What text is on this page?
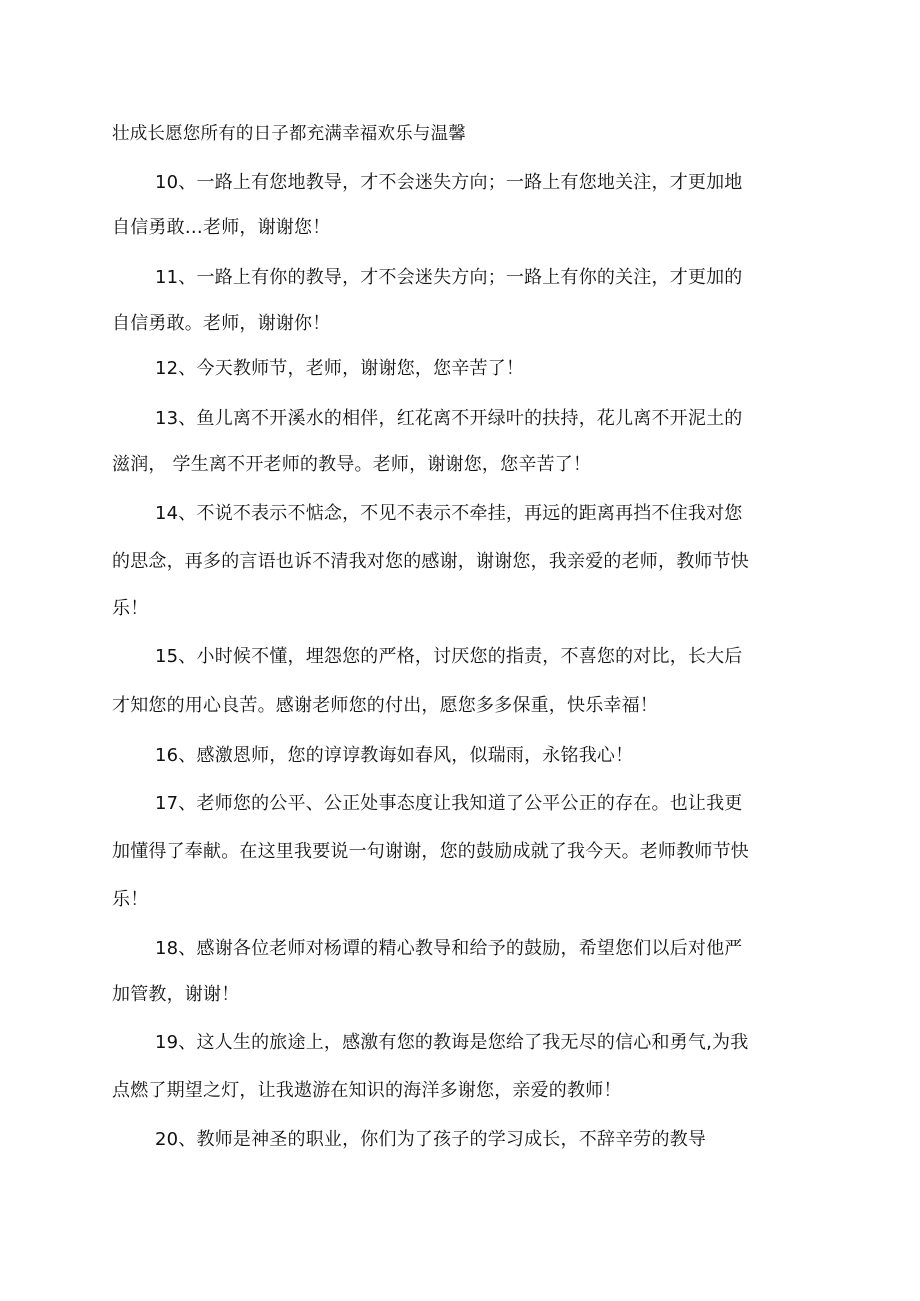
壮成长愿您所有的日子都充满幸福欢乐与温馨
10、一路上有您地教导，才不会迷失方向；一路上有您地关注，才更加地
自信勇敢…老师，谢谢您！
11、一路上有你的教导，才不会迷失方向；一路上有你的关注，才更加的
自信勇敢。老师，谢谢你！
12、今天教师节，老师，谢谢您，您辛苦了！
13、鱼儿离不开溪水的相伴，红花离不开绿叶的扶持，花儿离不开泥土的
滋润， 学生离不开老师的教导。老师，谢谢您，您辛苦了！
14、不说不表示不惦念，不见不表示不牵挂，再远的距离再挡不住我对您
的思念，再多的言语也诉不清我对您的感谢，谢谢您，我亲爱的老师，教师节快
乐！
15、小时候不懂，埋怨您的严格，讨厌您的指责，不喜您的对比，长大后
才知您的用心良苦。感谢老师您的付出，愿您多多保重，快乐幸福！
16、感激恩师，您的谆谆教诲如春风，似瑞雨，永铭我心！
17、老师您的公平、公正处事态度让我知道了公平公正的存在。也让我更
加懂得了奉献。在这里我要说一句谢谢，您的鼓励成就了我今天。老师教师节快
乐！
18、感谢各位老师对杨谭的精心教导和给予的鼓励，希望您们以后对他严
加管教，谢谢！
19、这人生的旅途上，感激有您的教诲是您给了我无尽的信心和勇气,为我
点燃了期望之灯，让我遨游在知识的海洋多谢您，亲爱的教师！
20、教师是神圣的职业，你们为了孩子的学习成长，不辞辛劳的教导
